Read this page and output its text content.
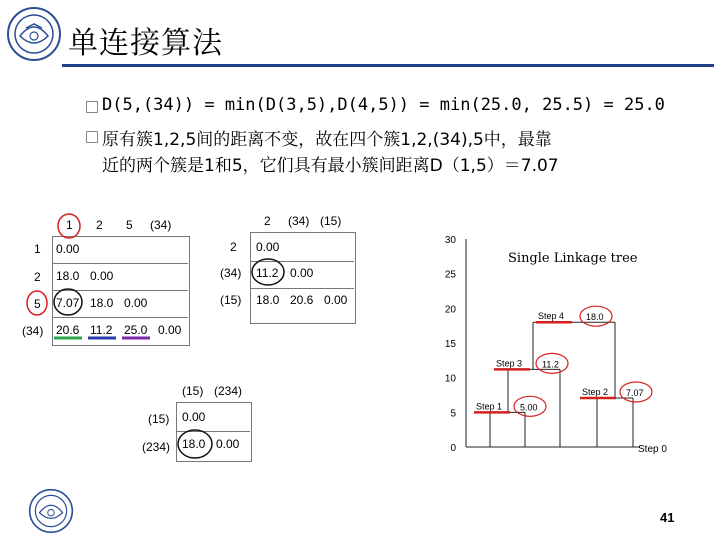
单连接算法
D(5,(34)) = min(D(3,5),D(4,5)) = min(25.0, 25.5) = 25.0
原有簇1,2,5间的距离不变，故在四个簇1,2,(34),5中，最靠
近的两个簇是1和5，它们具有最小簇间距离D（1,5）＝7.07
1 2 5 (34)
1
2
5
(34)
0.00
18.0 0.00
7.07 18.0 0.00
20.6 11.2 25.0 0.00
2 (34) (15)
2
(34)
(15)
0.00
11.2 0.00
18.0 20.6 0.00
(15) (234)
(15)
(234)
0.00
18.0 0.00
Single Linkage tree
0
5
10
15
20
25
30
Step 1 5.00
Step 2 7.07
Step 3 11.2
Step 4 18.0
Step 0
41
